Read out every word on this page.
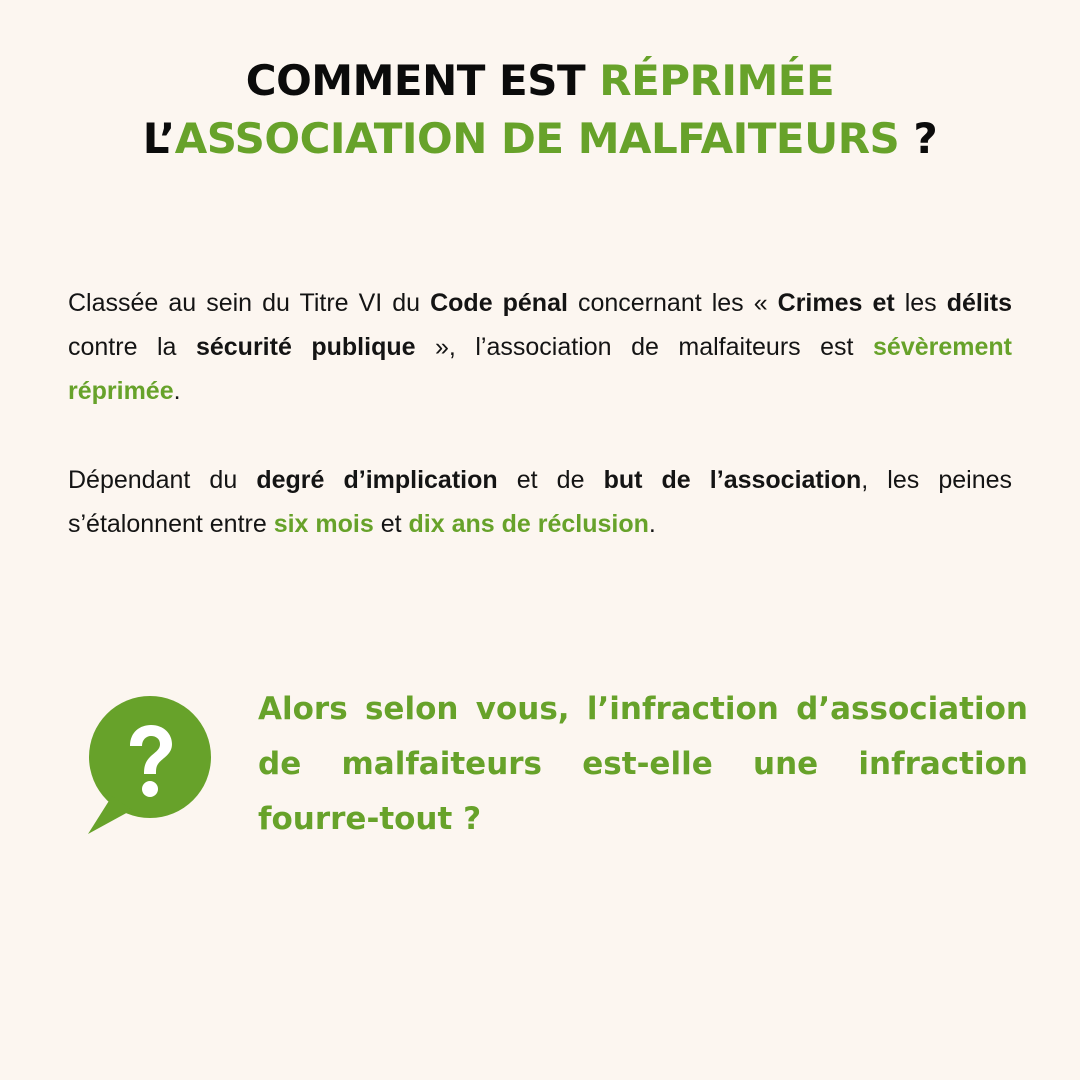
COMMENT EST RÉPRIMÉE
L’ASSOCIATION DE MALFAITEURS ?

Classée au sein du Titre VI du Code pénal concernant les « Crimes et les délits contre la sécurité publique », l’association de malfaiteurs est sévèrement réprimée.

Dépendant du degré d’implication et de but de l’association, les peines s’étalonnent entre six mois et dix ans de réclusion.

Alors selon vous, l’infraction d’association de malfaiteurs est-elle une infraction fourre-tout ?
